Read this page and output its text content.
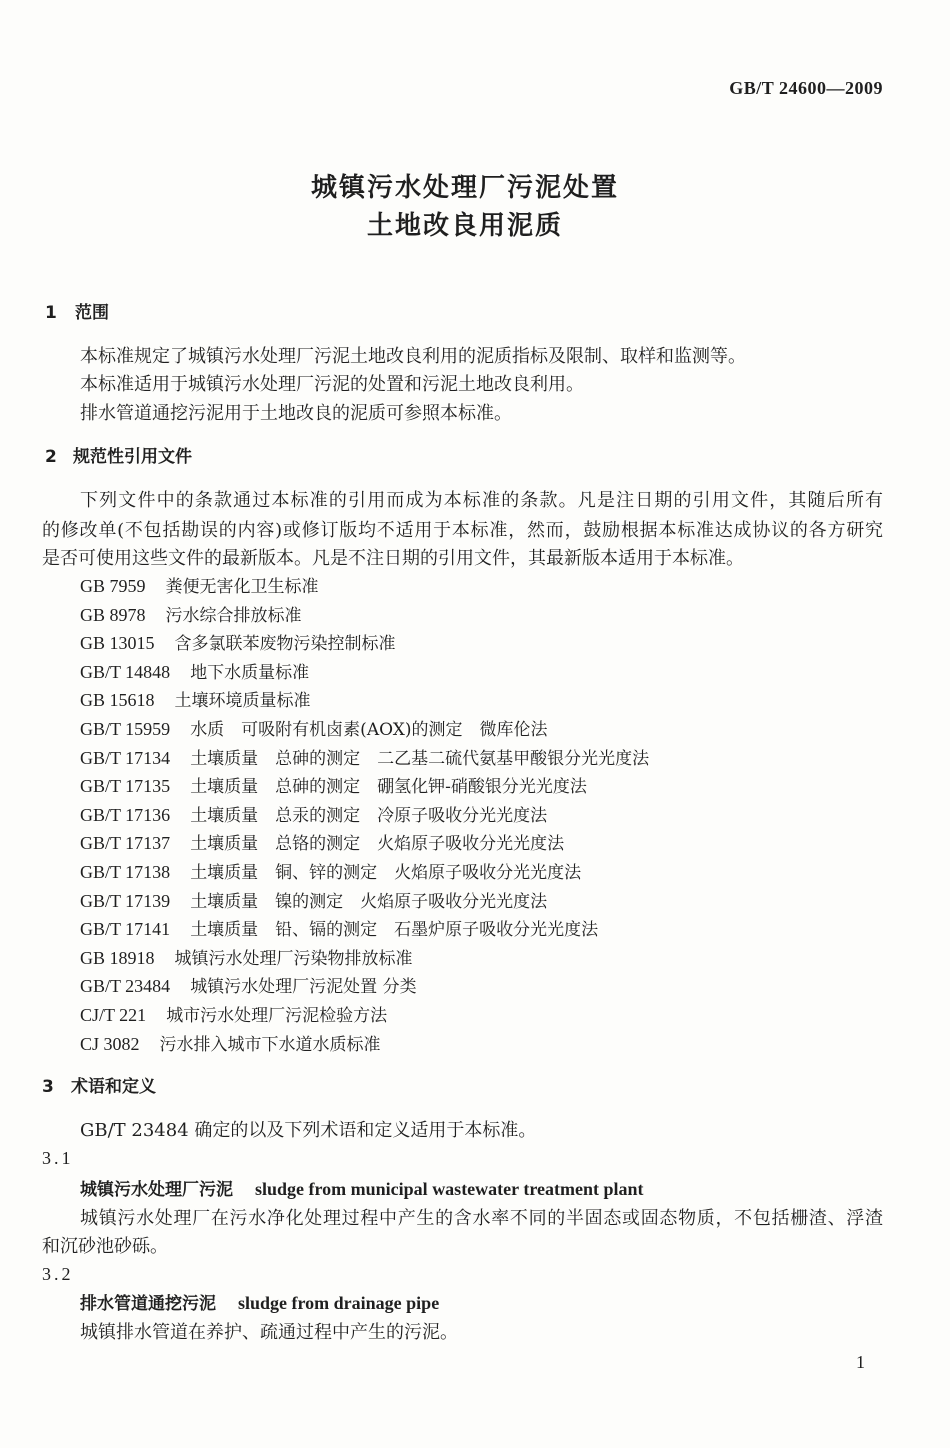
GB/T 24600—2009
城镇污水处理厂污泥处置
土地改良用泥质
1 范围
本标准规定了城镇污水处理厂污泥土地改良利用的泥质指标及限制、取样和监测等。
本标准适用于城镇污水处理厂污泥的处置和污泥土地改良利用。
排水管道通挖污泥用于土地改良的泥质可参照本标准。
2 规范性引用文件
下列文件中的条款通过本标准的引用而成为本标准的条款。凡是注日期的引用文件，其随后所有
的修改单(不包括勘误的内容)或修订版均不适用于本标准，然而，鼓励根据本标准达成协议的各方研究
是否可使用这些文件的最新版本。凡是不注日期的引用文件，其最新版本适用于本标准。
GB 7959 粪便无害化卫生标准
GB 8978 污水综合排放标准
GB 13015 含多氯联苯废物污染控制标准
GB/T 14848 地下水质量标准
GB 15618 土壤环境质量标准
GB/T 15959 水质　可吸附有机卤素(AOX)的测定　微库伦法
GB/T 17134 土壤质量　总砷的测定　二乙基二硫代氨基甲酸银分光光度法
GB/T 17135 土壤质量　总砷的测定　硼氢化钾-硝酸银分光光度法
GB/T 17136 土壤质量　总汞的测定　冷原子吸收分光光度法
GB/T 17137 土壤质量　总铬的测定　火焰原子吸收分光光度法
GB/T 17138 土壤质量　铜、锌的测定　火焰原子吸收分光光度法
GB/T 17139 土壤质量　镍的测定　火焰原子吸收分光光度法
GB/T 17141 土壤质量　铅、镉的测定　石墨炉原子吸收分光光度法
GB 18918 城镇污水处理厂污染物排放标准
GB/T 23484 城镇污水处理厂污泥处置 分类
CJ/T 221 城市污水处理厂污泥检验方法
CJ 3082 污水排入城市下水道水质标准
3 术语和定义
GB/T 23484 确定的以及下列术语和定义适用于本标准。
3.1
城镇污水处理厂污泥 sludge from municipal wastewater treatment plant
城镇污水处理厂在污水净化处理过程中产生的含水率不同的半固态或固态物质，不包括栅渣、浮渣
和沉砂池砂砾。
3.2
排水管道通挖污泥 sludge from drainage pipe
城镇排水管道在养护、疏通过程中产生的污泥。
1
